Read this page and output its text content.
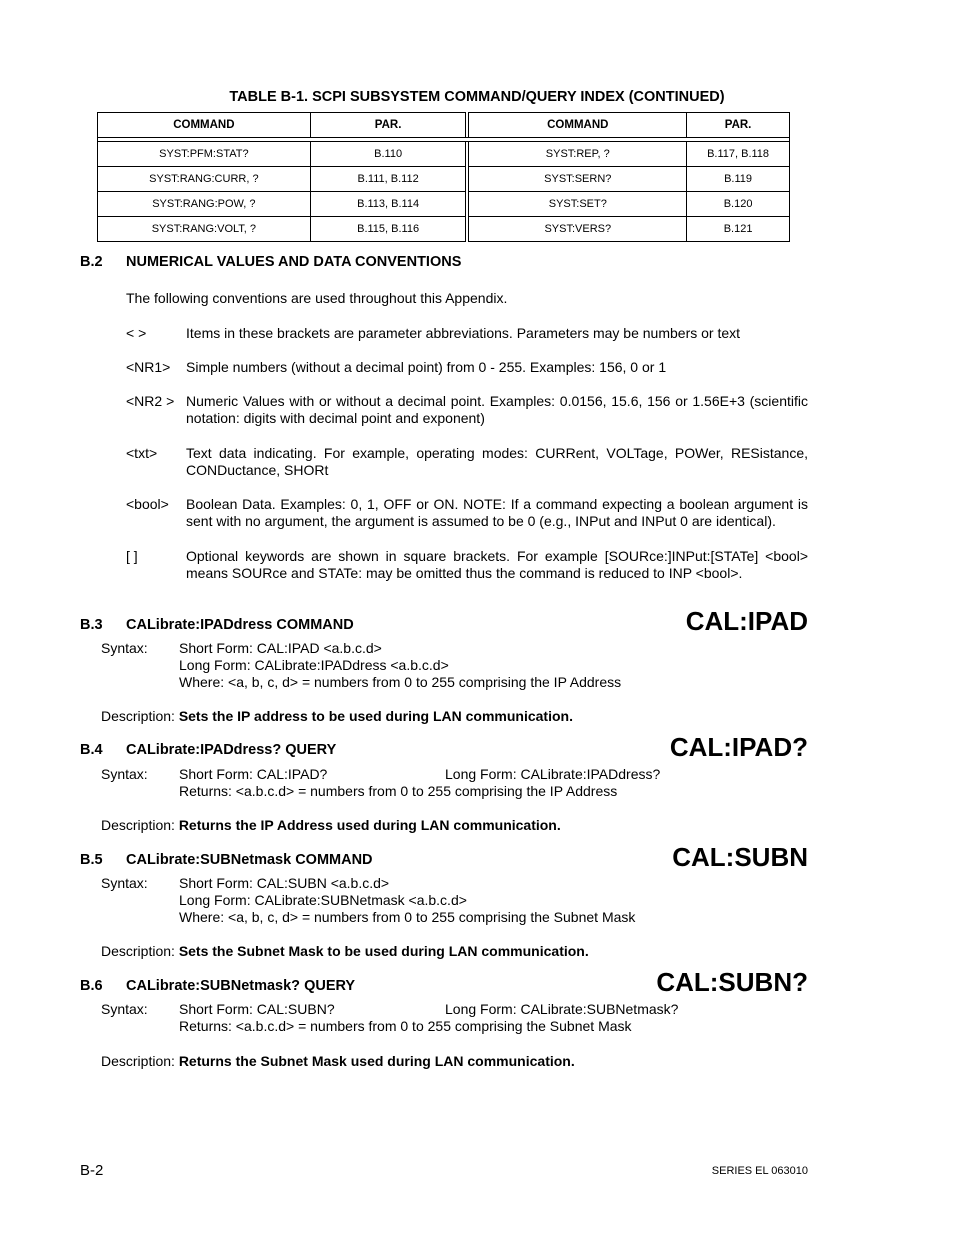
TABLE B-1. SCPI SUBSYSTEM COMMAND/QUERY INDEX (CONTINUED)
COMMAND	PAR.		COMMAND	PAR.

SYST:PFM:STAT?	B.110		SYST:REP, ?	B.117, B.118
SYST:RANG:CURR, ?	B.111, B.112		SYST:SERN?	B.119
SYST:RANG:POW, ?	B.113, B.114		SYST:SET?	B.120
SYST:RANG:VOLT, ?	B.115, B.116		SYST:VERS?	B.121
B.2 NUMERICAL VALUES AND DATA CONVENTIONS
The following conventions are used throughout this Appendix.
< >	Items in these brackets are parameter abbreviations. Parameters may be numbers or text
<NR1> Simple numbers (without a decimal point) from 0 - 255. Examples: 156, 0 or 1
<NR2 > Numeric Values with or without a decimal point. Examples: 0.0156, 15.6, 156 or 1.56E+3 (scientific notation: digits with decimal point and exponent)
<txt> Text data indicating. For example, operating modes: CURRent, VOLTage, POWer, RESistance, CONDuctance, SHORt
<bool> Boolean Data. Examples: 0, 1, OFF or ON. NOTE: If a command expecting a boolean argument is sent with no argument, the argument is assumed to be 0 (e.g., INPut and INPut 0 are identical).
[ ]	Optional keywords are shown in square brackets. For example [SOURce:]INPut:[STATe] <bool> means SOURce and STATe: may be omitted thus the command is reduced to INP <bool>.
B.3 CALibrate:IPADdress COMMAND	CAL:IPAD
Syntax: Short Form: CAL:IPAD <a.b.c.d>
Long Form: CALibrate:IPADdress <a.b.c.d>
Where: <a, b, c, d> = numbers from 0 to 255 comprising the IP Address
Description: Sets the IP address to be used during LAN communication.
B.4 CALibrate:IPADdress? QUERY	CAL:IPAD?
Syntax: Short Form: CAL:IPAD?	Long Form: CALibrate:IPADdress?
Returns: <a.b.c.d> = numbers from 0 to 255 comprising the IP Address
Description: Returns the IP Address used during LAN communication.
B.5 CALibrate:SUBNetmask COMMAND	CAL:SUBN
Syntax: Short Form: CAL:SUBN <a.b.c.d>
Long Form: CALibrate:SUBNetmask <a.b.c.d>
Where: <a, b, c, d> = numbers from 0 to 255 comprising the Subnet Mask
Description: Sets the Subnet Mask to be used during LAN communication.
B.6 CALibrate:SUBNetmask? QUERY	CAL:SUBN?
Syntax: Short Form: CAL:SUBN?	Long Form: CALibrate:SUBNetmask?
Returns: <a.b.c.d> = numbers from 0 to 255 comprising the Subnet Mask
Description: Returns the Subnet Mask used during LAN communication.
B-2	SERIES EL 063010
